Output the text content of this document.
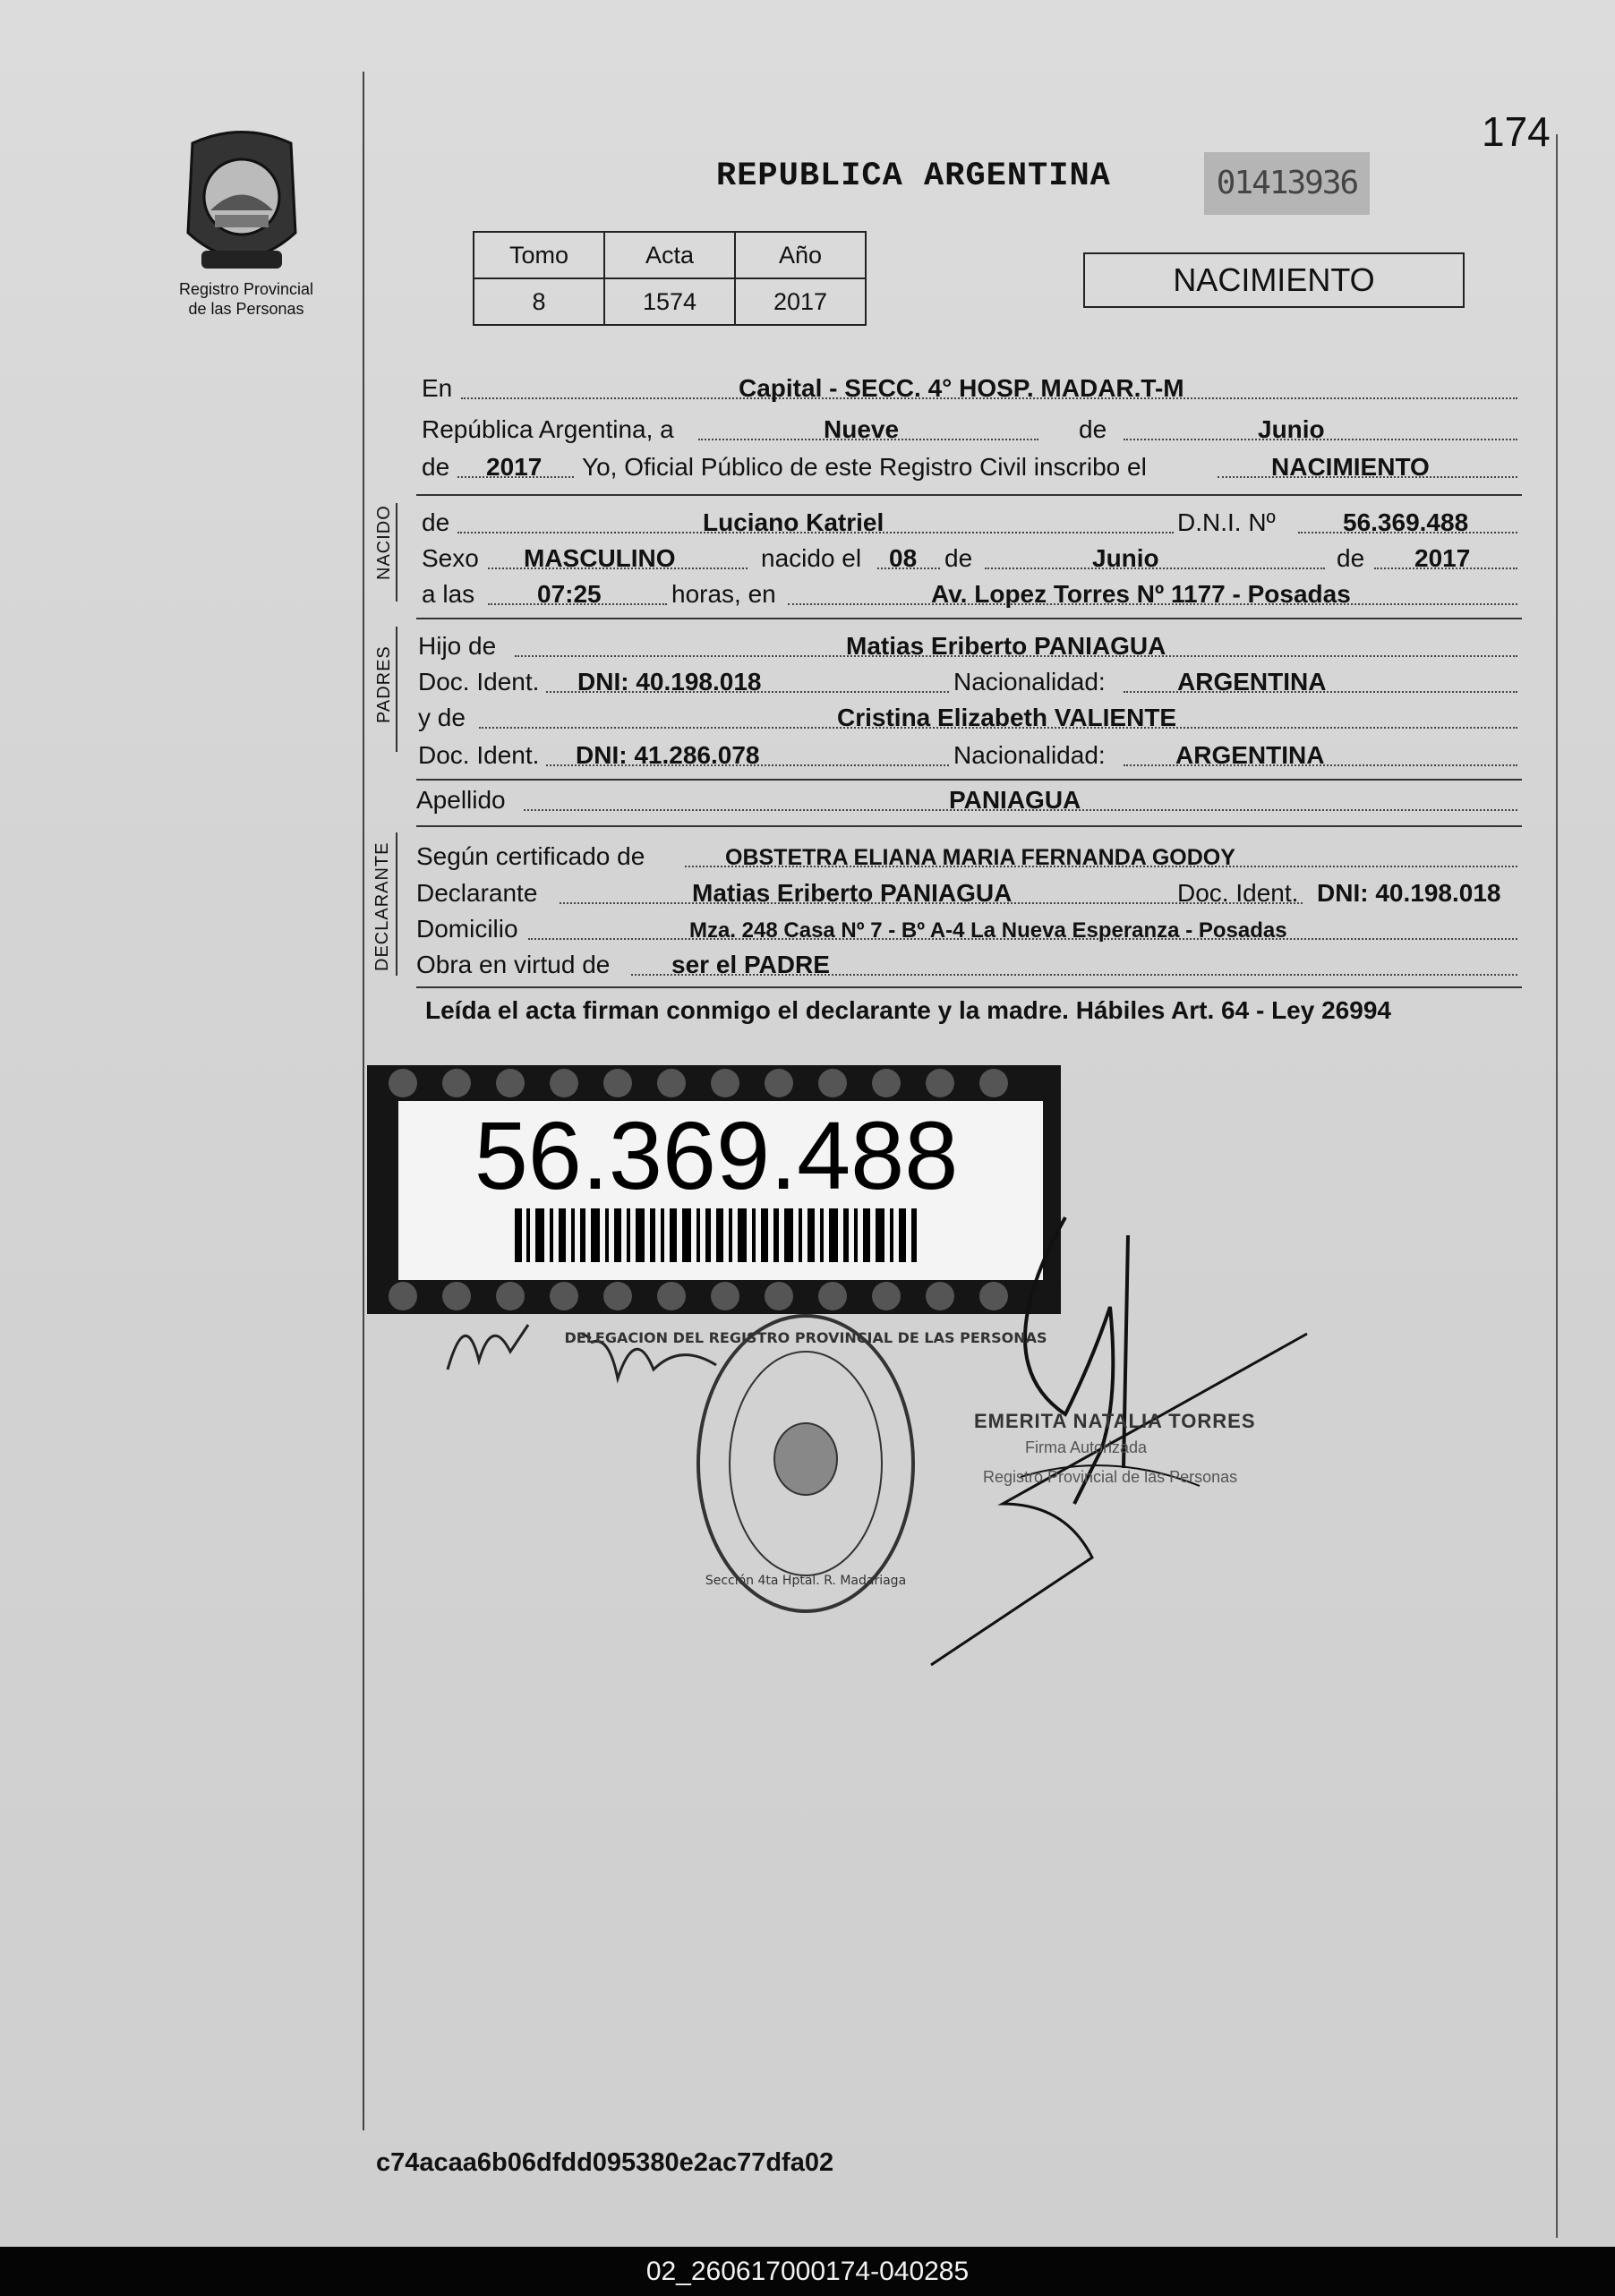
174
Registro Provincial
de las Personas
REPUBLICA ARGENTINA	01413936
Tomo	Acta	Año
8	1574	2017
NACIMIENTO
En	Capital - SECC. 4° HOSP. MADAR.T-M
República Argentina, a	Nueve	de	Junio
de 2017 Yo, Oficial Público de este Registro Civil inscribo el	NACIMIENTO
NACIDO de	Luciano Katriel	D.N.I. Nº	56.369.488
Sexo MASCULINO	nacido el 08 de	Junio	de 2017
a las 07:25	horas, en	Av. Lopez Torres Nº 1177 - Posadas
PADRES Hijo de	Matias Eriberto PANIAGUA
Doc. Ident. DNI: 40.198.018	Nacionalidad:	ARGENTINA
y de	Cristina Elizabeth VALIENTE
Doc. Ident. DNI: 41.286.078	Nacionalidad:	ARGENTINA
Apellido	PANIAGUA
DECLARANTE Según certificado de	OBSTETRA ELIANA MARIA FERNANDA GODOY
Declarante	Matias Eriberto PANIAGUA	Doc. Ident. DNI: 40.198.018
Domicilio	Mza. 248 Casa Nº 7 - Bº A-4 La Nueva Esperanza - Posadas
Obra en virtud de ser el PADRE
Leída el acta firman conmigo el declarante y la madre. Hábiles Art. 64 - Ley 26994
56.369.488
EMERITA NATALIA TORRES
Firma Autorizada
Registro Provincial de las Personas
DELEGACION DEL REGISTRO PROVINCIAL DE LAS PERSONAS
Sección 4ta Hptal. R. Madariaga
c74acaa6b06dfdd095380e2ac77dfa02
02_260617000174-040285
